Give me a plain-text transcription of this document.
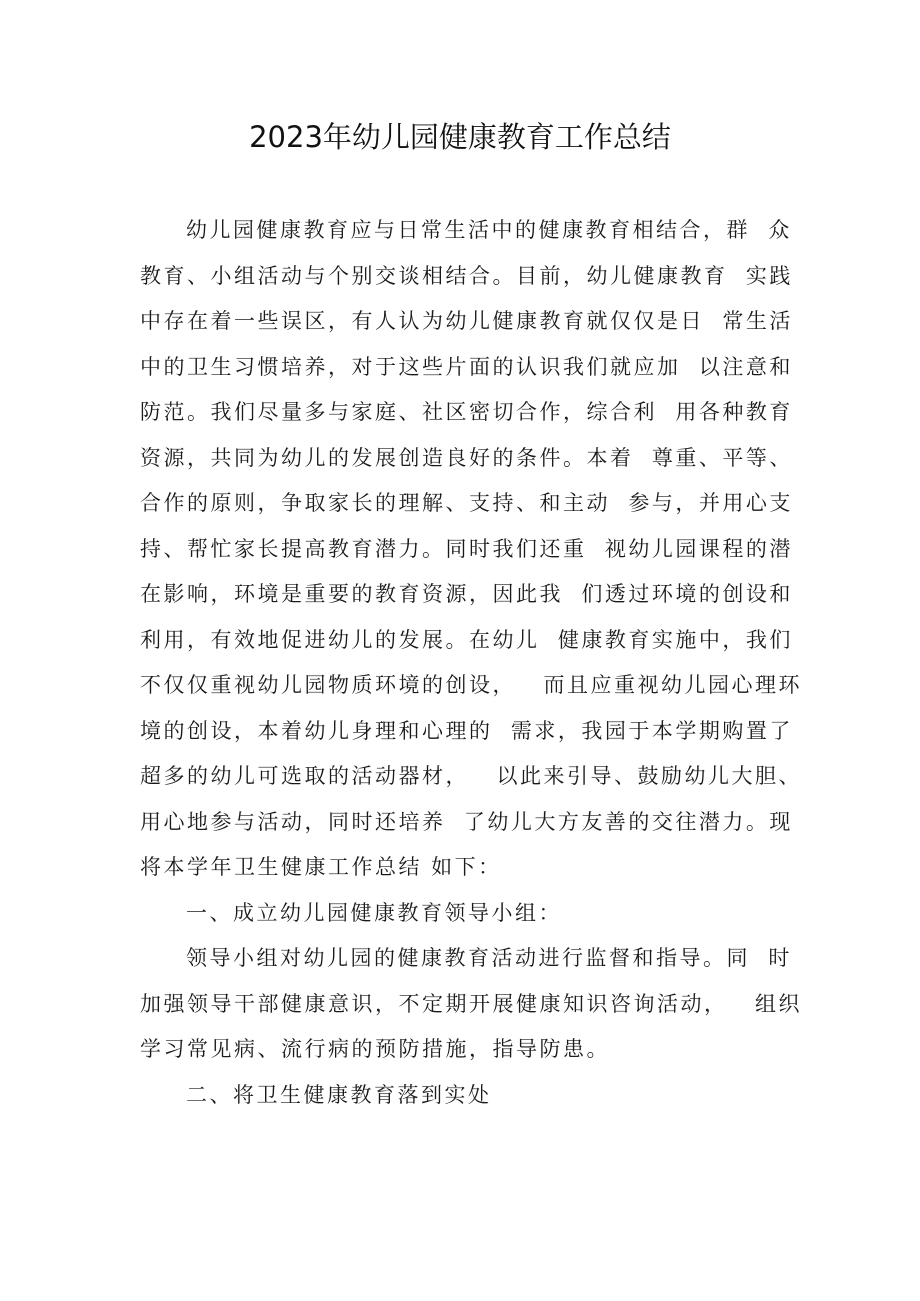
2023年幼儿园健康教育工作总结
幼儿园健康教育应与日常生活中的健康教育相结合，群  众
教育、小组活动与个别交谈相结合。目前，幼儿健康教育  实践
中存在着一些误区，有人认为幼儿健康教育就仅仅是日  常生活
中的卫生习惯培养，对于这些片面的认识我们就应加  以注意和
防范。我们尽量多与家庭、社区密切合作，综合利  用各种教育
资源，共同为幼儿的发展创造良好的条件。本着  尊重、平等、
合作的原则，争取家长的理解、支持、和主动  参与，并用心支
持、帮忙家长提高教育潜力。同时我们还重  视幼儿园课程的潜
在影响，环境是重要的教育资源，因此我  们透过环境的创设和
利用，有效地促进幼儿的发展。在幼儿  健康教育实施中，我们
不仅仅重视幼儿园物质环境的创设，   而且应重视幼儿园心理环
境的创设，本着幼儿身理和心理的  需求，我园于本学期购置了
超多的幼儿可选取的活动器材，   以此来引导、鼓励幼儿大胆、
用心地参与活动，同时还培养  了幼儿大方友善的交往潜力。现
将本学年卫生健康工作总结 如下：
一、成立幼儿园健康教育领导小组：
领导小组对幼儿园的健康教育活动进行监督和指导。同  时
加强领导干部健康意识，不定期开展健康知识咨询活动，   组织
学习常见病、流行病的预防措施，指导防患。
二、将卫生健康教育落到实处
